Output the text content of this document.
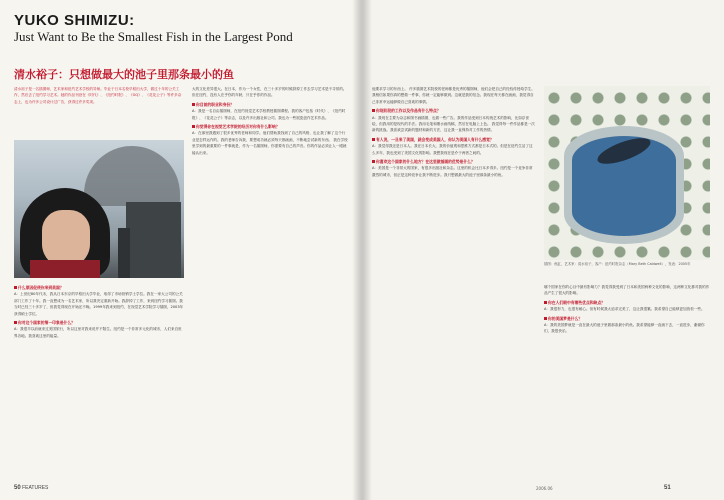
YUKO SHIMIZU:
Just Want to Be the Smallest Fish in the Largest Pond
清水裕子：只想做最大的池子里那条最小的鱼
清水裕子是一名插图师，艺术家和纽约艺术学校的导师。毕业于日本名校早稻田大学，做过十年的公关工作，然后去了纽约学习艺术。她的作品刊登在《时代》、《纽约时报》、《GQ》、《花花公子》等许多杂志上，也为许多公司设计过广告，获得过许多奖项。
什么原因促使你来到美国？
A：上世纪80年代末，我从日本东京的早稻田大学毕业，取得了市场营销学士学位。我在一家大公司的公关部门工作了十年。我一直想成为一名艺术家，所以我决定重新开始。我辞掉了工作，来到纽约学习插图。我当时已经三十多岁了，但我觉得现在开始还不晚。1999年我来到纽约，在视觉艺术学院学习插图，2003年获得硕士学位。
你对这个国家的第一印象是什么？
A：我很早以前就来过美国旅行，所以这里对我来说并不陌生。纽约是一个非常多元化的城市，人们来自世界各地。我喜欢这里的能量。
大的文化差异很大。在日本，作为一个女性，在三十多岁的时候辞掉工作去学习艺术是不寻常的。但在纽约，没有人在乎你的年龄，只在乎你的作品。
你目前的职业和身份？
A：我是一名自由插图师，在纽约视觉艺术学校教授插图课程。我的客户包括《时代》、《纽约时报》、《花花公子》等杂志，以及许多出版社和公司。我也为一些展览创作艺术作品。
你觉得你在视觉艺术学院的经历对你有什么影响？
A：在那里我遇到了很多优秀的老师和同学。他们帮助我找到了自己的风格，也让我了解了这个行业是怎样运作的。我的老师告诉我，要想成功就必须每天都画画，不断地尝试新的东西。 我在学校里学到的最重要的一件事就是，作为一名插图师，你需要有自己的声音。你的作品必须让人一眼就能认出来。
50 FEATURES
他要求学习的东西上。 许多插图艺术院校的老师都是优秀的插图师，他们会把自己的经验传授给学生。我相信如果你真的想做一件事，你就一定能够做到。这就是我的信念。我现在每天都在画画，我觉得自己非常幸运能够做自己喜欢的事情。
你现阶段的工作以及作品有什么特点？
A：我现在主要为杂志和图书画插图，也做一些广告。我的作品受到日本传统艺术的影响，比如浮世绘，但我用的是现代的手法。我用毛笔和墨水画线稿，然后在电脑上上色。 我觉得每一件作品都是一次新的挑战。我喜欢尝试新的题材和新的方法，这让我一直保持对工作的热情。
有人说，一旦来了美国，就会变成美国人，你认为美国人有什么感觉？
A：我觉得我还是日本人。我在日本长大，我的价值观和思维方式都是日本式的。但是在纽约生活了这么多年，我也受到了美国文化的影响。我想我现在是介于两者之间的。
你喜欢这个国家的什么地方？在这里做插画的优势是什么？
A：美国是一个非常大的国家，有很多出版社和杂志。这里的机会比日本多得多。纽约是一个竞争非常激烈的城市，但正是这种竞争让我不断进步。我只想做最大的池子里那条最小的鱼。
插图：鱼缸，艺术家：清水裕子，客户：纽约时报杂志（Mary Beth Caldwell），发表：2005年
哪个国家在你的心目中最有影响力？我觉得我受到了日本和美国两种文化的影响，这两种文化都对我的作品产生了很大的影响。
你在人们眼中有哪些优点和缺点？
A：我很努力，也很有耐心。但有时候我太追求完美了，这让我很累。我希望自己能够更加放松一些。
你的美国梦是什么？
A：我的美国梦就是一直在最大的池子里做那条最小的鱼。我希望能够一直画下去，一直进步，谢谢你们，我很快乐。
2006.06	51
